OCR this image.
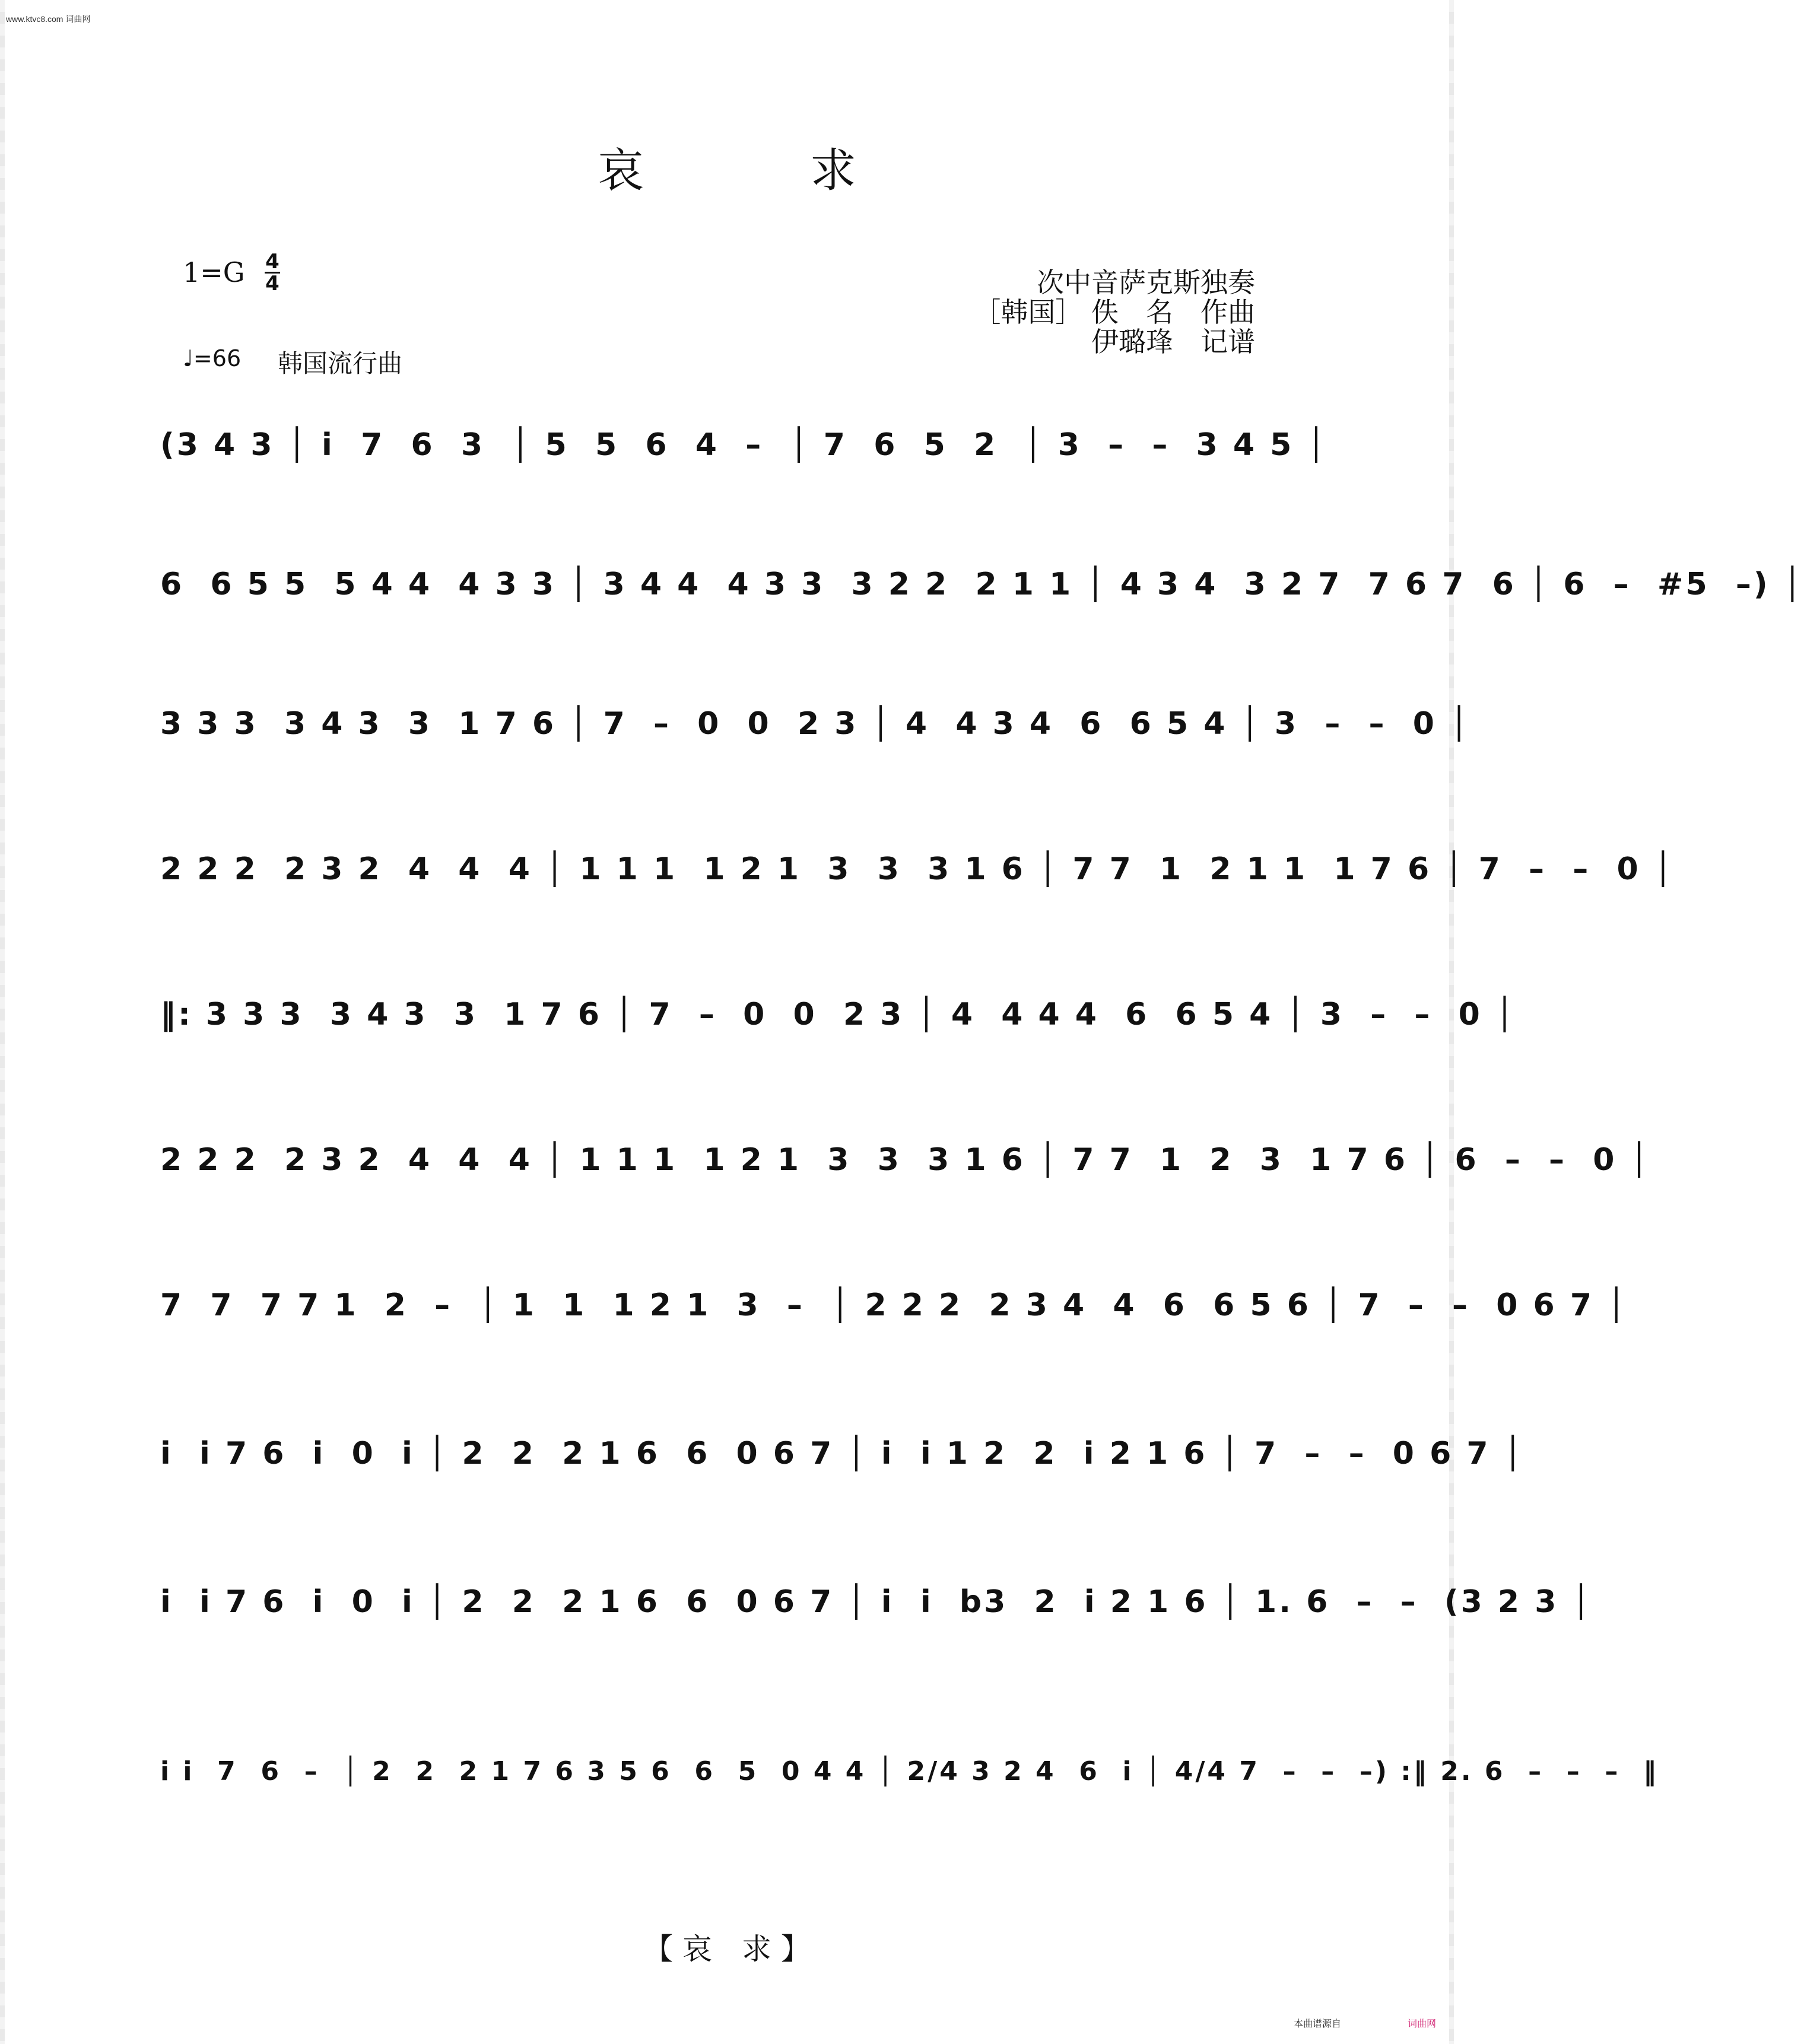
www.ktvc8.com 词曲网
哀	求
1=G 4
4
♩=66 韩国流行曲
次中音萨克斯独奏
［韩国］ 佚　名　作曲
伊璐琒　记谱
(3 4 3 │ i  7  6  3  │ 5  5  6  4  –  │ 7  6  5  2  │ 3  –  –  3 4 5 │
6  6 5 5  5 4 4  4 3 3 │ 3 4 4  4 3 3  3 2 2  2 1 1 │ 4 3 4  3 2 7  7 6 7  6 │ 6  –  #5  –) │
3 3 3  3 4 3  3  1 7 6 │ 7  –  0  0  2 3 │ 4  4 3 4  6  6 5 4 │ 3  –  –  0 │
2 2 2  2 3 2  4  4  4 │ 1 1 1  1 2 1  3  3  3 1 6 │ 7 7  1  2 1 1  1 7 6 │ 7  –  –  0 │
‖: 3 3 3  3 4 3  3  1 7 6 │ 7  –  0  0  2 3 │ 4  4 4 4  6  6 5 4 │ 3  –  –  0 │
2 2 2  2 3 2  4  4  4 │ 1 1 1  1 2 1  3  3  3 1 6 │ 7 7  1  2  3  1 7 6 │ 6  –  –  0 │
7  7  7 7 1  2  –  │ 1  1  1 2 1  3  –  │ 2 2 2  2 3 4  4  6  6 5 6 │ 7  –  –  0 6 7 │
i  i 7 6  i  0  i │ 2  2  2 1 6  6  0 6 7 │ i  i 1 2  2  i 2 1 6 │ 7  –  –  0 6 7 │
i  i 7 6  i  0  i │ 2  2  2 1 6  6  0 6 7 │ i  i  b3  2  i 2 1 6 │ 1. 6  –  –  (3 2 3 │
i i  7  6  –  │ 2  2  2 1 7 6 3 5 6  6  5  0 4 4 │ 2/4 3 2 4  6  i │ 4/4 7  –  –  –) :‖ 2. 6  –  –  –  ‖
【 哀　求 】
本曲谱源自	词曲网
